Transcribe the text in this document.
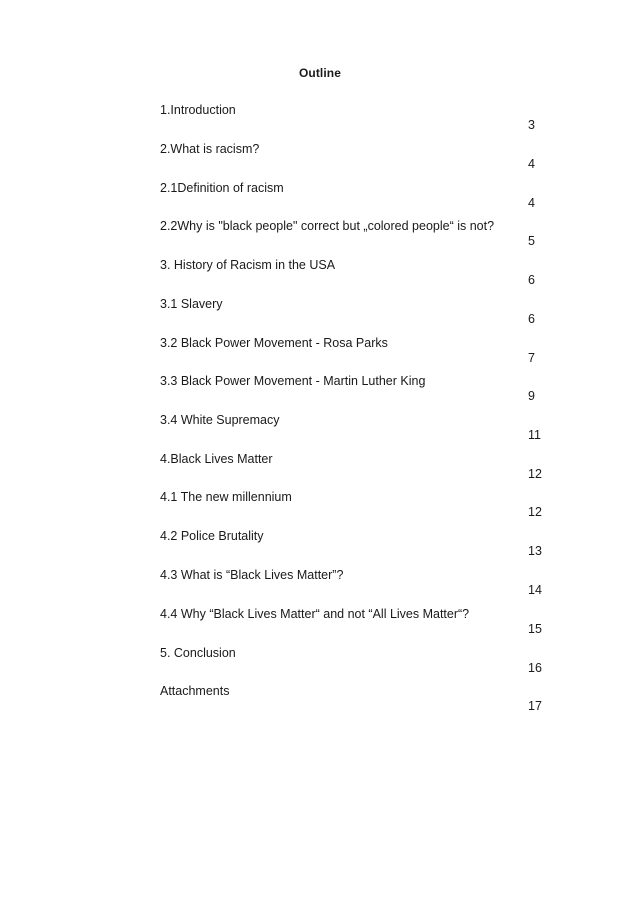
Outline
1.Introduction
3
2.What is racism?
4
2.1Definition of racism
4
2.2Why is "black people" correct but „colored people“ is not?
5
3. History of Racism in the USA
6
3.1 Slavery
6
3.2 Black Power Movement - Rosa Parks
7
3.3 Black Power Movement - Martin Luther King
9
3.4 White Supremacy
11
4.Black Lives Matter
12
4.1 The new millennium
12
4.2 Police Brutality
13
4.3 What is “Black Lives Matter”?
14
4.4 Why “Black Lives Matter“ and not “All Lives Matter“?
15
5. Conclusion
16
Attachments
17
